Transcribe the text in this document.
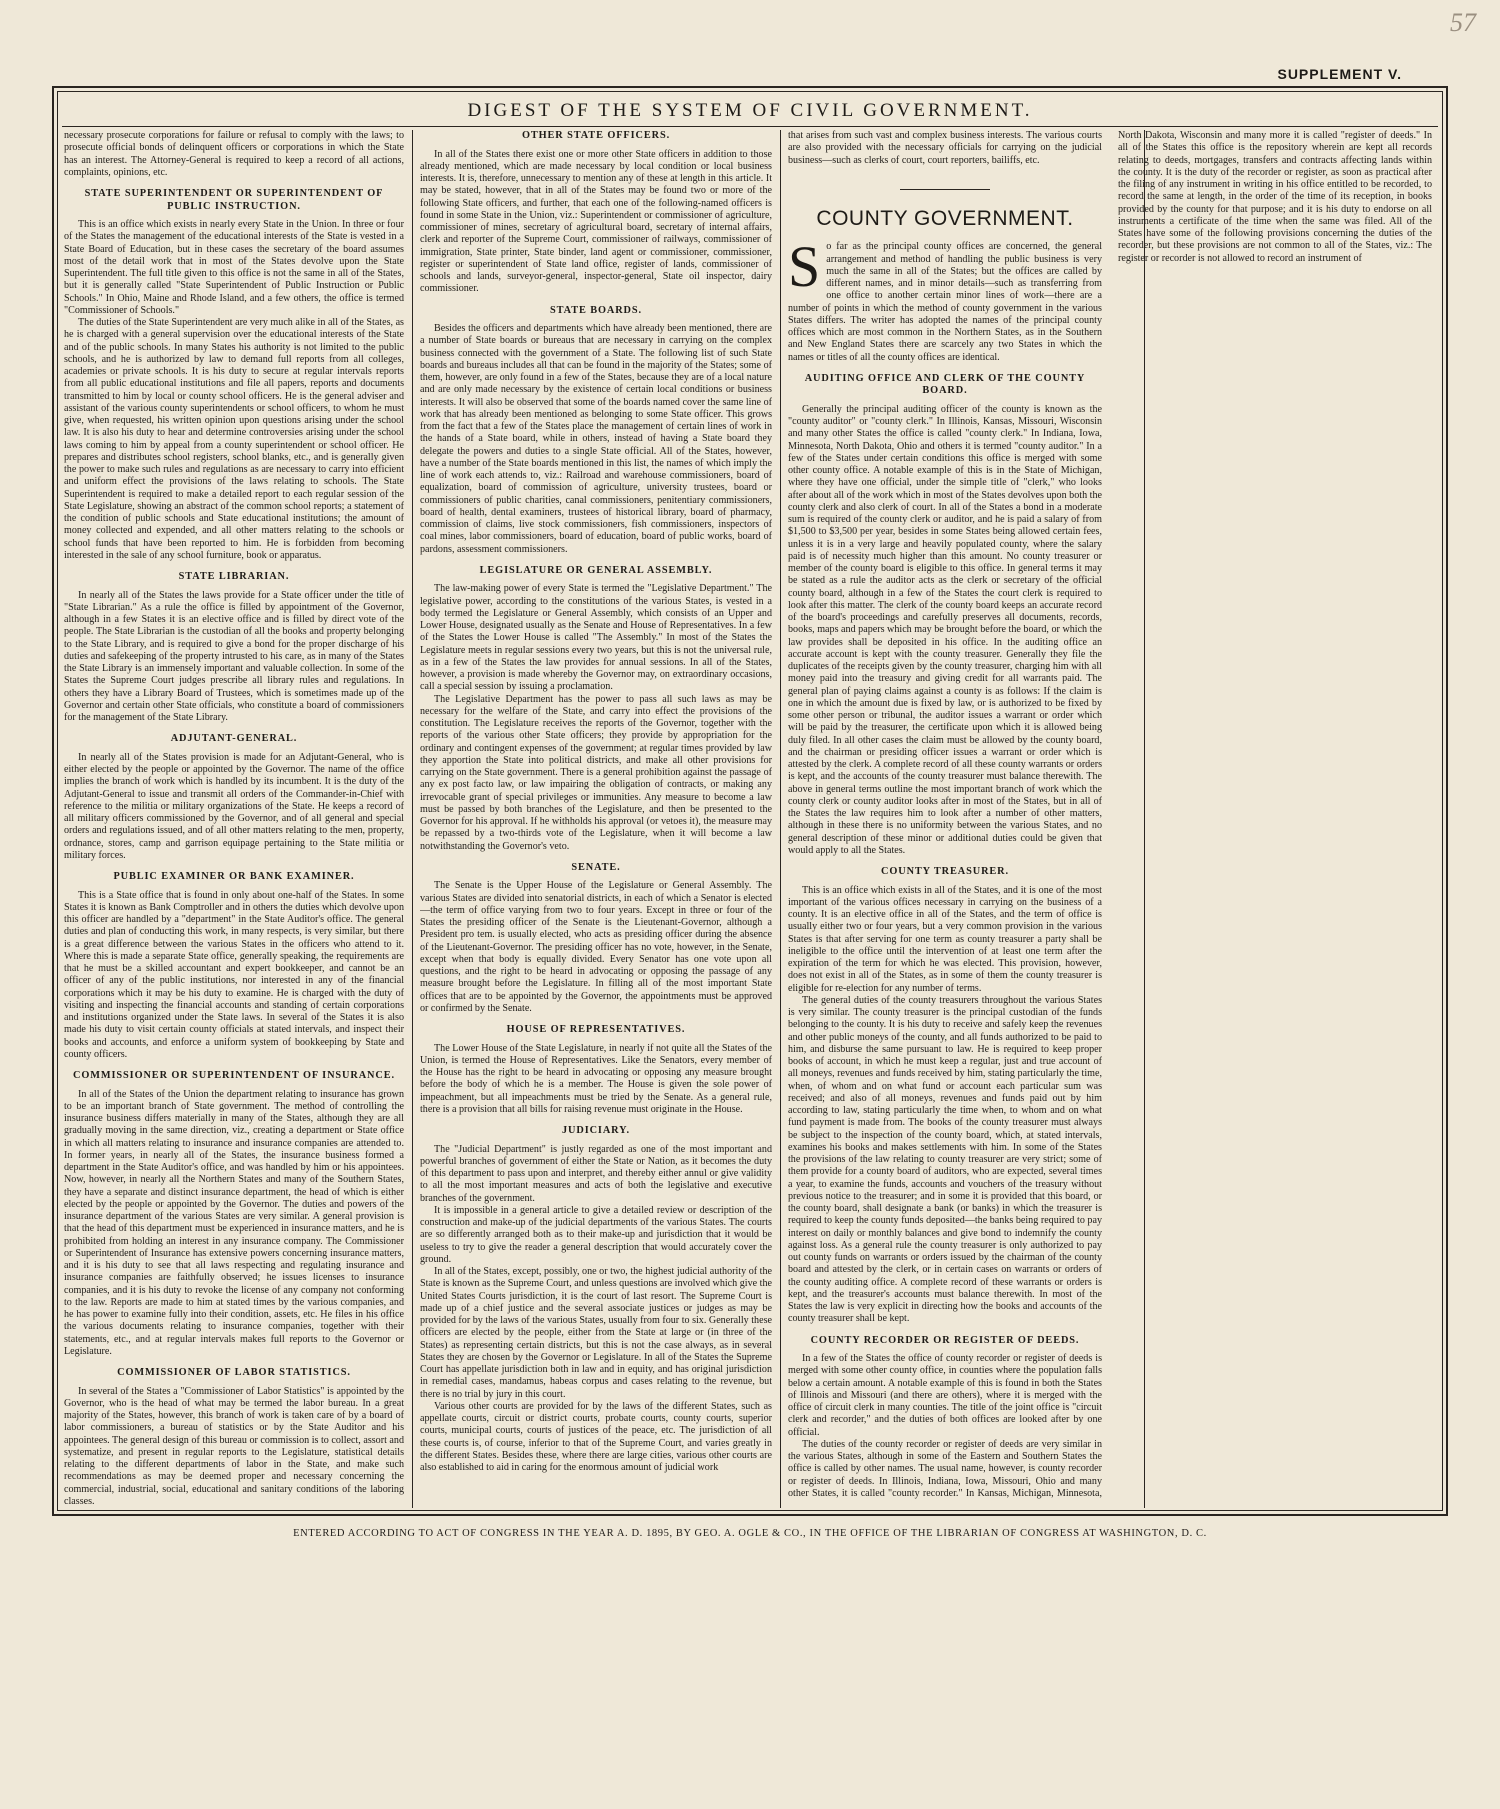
57
SUPPLEMENT V.
DIGEST OF THE SYSTEM OF CIVIL GOVERNMENT.

necessary prosecute corporations for failure or refusal to comply with the laws; to prosecute official bonds of delinquent officers or corporations in which the State has an interest. The Attorney-General is required to keep a record of all actions, complaints, opinions, etc.

STATE SUPERINTENDENT OR SUPERINTENDENT OF PUBLIC INSTRUCTION.

This is an office which exists in nearly every State in the Union. In three or four of the States the management of the educational interests of the State is vested in a State Board of Education, but in these cases the secretary of the board assumes most of the detail work that in most of the States devolve upon the State Superintendent. The full title given to this office is not the same in all of the States, but it is generally called "State Superintendent of Public Instruction or Public Schools." In Ohio, Maine and Rhode Island, and a few others, the office is termed "Commissioner of Schools."

The duties of the State Superintendent are very much alike in all of the States, as he is charged with a general supervision over the educational interests of the State and of the public schools. In many States his authority is not limited to the public schools, and he is authorized by law to demand full reports from all colleges, academies or private schools. It is his duty to secure at regular intervals reports from all public educational institutions and file all papers, reports and documents transmitted to him by local or county school officers. He is the general adviser and assistant of the various county superintendents or school officers, to whom he must give, when requested, his written opinion upon questions arising under the school law. It is also his duty to hear and determine controversies arising under the school laws coming to him by appeal from a county superintendent or school officer. He prepares and distributes school registers, school blanks, etc., and is generally given the power to make such rules and regulations as are necessary to carry into efficient and uniform effect the provisions of the laws relating to schools. The State Superintendent is required to make a detailed report to each regular session of the State Legislature, showing an abstract of the common school reports; a statement of the condition of public schools and State educational institutions; the amount of money collected and expended, and all other matters relating to the schools or school funds that have been reported to him. He is forbidden from becoming interested in the sale of any school furniture, book or apparatus.

STATE LIBRARIAN.

In nearly all of the States the laws provide for a State officer under the title of "State Librarian." As a rule the office is filled by appointment of the Governor, although in a few States it is an elective office and is filled by direct vote of the people. The State Librarian is the custodian of all the books and property belonging to the State Library, and is required to give a bond for the proper discharge of his duties and safekeeping of the property intrusted to his care, as in many of the States the State Library is an immensely important and valuable collection. In some of the States the Supreme Court judges prescribe all library rules and regulations. In others they have a Library Board of Trustees, which is sometimes made up of the Governor and certain other State officials, who constitute a board of commissioners for the management of the State Library.

ADJUTANT-GENERAL.

In nearly all of the States provision is made for an Adjutant-General, who is either elected by the people or appointed by the Governor. The name of the office implies the branch of work which is handled by its incumbent. It is the duty of the Adjutant-General to issue and transmit all orders of the Commander-in-Chief with reference to the militia or military organizations of the State. He keeps a record of all military officers commissioned by the Governor, and of all general and special orders and regulations issued, and of all other matters relating to the men, property, ordnance, stores, camp and garrison equipage pertaining to the State militia or military forces.

PUBLIC EXAMINER OR BANK EXAMINER.

This is a State office that is found in only about one-half of the States. In some States it is known as Bank Comptroller and in others the duties which devolve upon this officer are handled by a "department" in the State Auditor's office. The general duties and plan of conducting this work, in many respects, is very similar, but there is a great difference between the various States in the officers who attend to it. Where this is made a separate State office, generally speaking, the requirements are that he must be a skilled accountant and expert bookkeeper, and cannot be an officer of any of the public institutions, nor interested in any of the financial corporations which it may be his duty to examine. He is charged with the duty of visiting and inspecting the financial accounts and standing of certain corporations and institutions organized under the State laws. In several of the States it is also made his duty to visit certain county officials at stated intervals, and inspect their books and accounts, and enforce a uniform system of bookkeeping by State and county officers.

COMMISSIONER OR SUPERINTENDENT OF INSURANCE.

In all of the States of the Union the department relating to insurance has grown to be an important branch of State government. The method of controlling the insurance business differs materially in many of the States, although they are all gradually moving in the same direction, viz., creating a department or State office in which all matters relating to insurance and insurance companies are attended to. In former years, in nearly all of the States, the insurance business formed a department in the State Auditor's office, and was handled by him or his appointees. Now, however, in nearly all the Northern States and many of the Southern States, they have a separate and distinct insurance department, the head of which is either elected by the people or appointed by the Governor. The duties and powers of the insurance department of the various States are very similar. A general provision is that the head of this department must be experienced in insurance matters, and he is prohibited from holding an interest in any insurance company. The Commissioner or Superintendent of Insurance has extensive powers concerning insurance matters, and it is his duty to see that all laws respecting and regulating insurance and insurance companies are faithfully observed; he issues licenses to insurance companies, and it is his duty to revoke the license of any company not conforming to the law. Reports are made to him at stated times by the various companies, and he has power to examine fully into their condition, assets, etc. He files in his office the various documents relating to insurance companies, together with their statements, etc., and at regular intervals makes full reports to the Governor or Legislature.

COMMISSIONER OF LABOR STATISTICS.

In several of the States a "Commissioner of Labor Statistics" is appointed by the Governor, who is the head of what may be termed the labor bureau. In a great majority of the States, however, this branch of work is taken care of by a board of labor commissioners, a bureau of statistics or by the State Auditor and his appointees. The general design of this bureau or commission is to collect, assort and systematize, and present in regular reports to the Legislature, statistical details relating to the different departments of labor in the State, and make such recommendations as may be deemed proper and necessary concerning the commercial, industrial, social, educational and sanitary conditions of the laboring classes.

OTHER STATE OFFICERS.

In all of the States there exist one or more other State officers in addition to those already mentioned, which are made necessary by local condition or local business interests. It is, therefore, unnecessary to mention any of these at length in this article. It may be stated, however, that in all of the States may be found two or more of the following State officers, and further, that each one of the following-named officers is found in some State in the Union, viz.: Superintendent or commissioner of agriculture, commissioner of mines, secretary of agricultural board, secretary of internal affairs, clerk and reporter of the Supreme Court, commissioner of railways, commissioner of immigration, State printer, State binder, land agent or commissioner, commissioner, register or superintendent of State land office, register of lands, commissioner of schools and lands, surveyor-general, inspector-general, State oil inspector, dairy commissioner.

STATE BOARDS.

Besides the officers and departments which have already been mentioned, there are a number of State boards or bureaus that are necessary in carrying on the complex business connected with the government of a State. The following list of such State boards and bureaus includes all that can be found in the majority of the States; some of them, however, are only found in a few of the States, because they are of a local nature and are only made necessary by the existence of certain local conditions or business interests. It will also be observed that some of the boards named cover the same line of work that has already been mentioned as belonging to some State officer. This grows from the fact that a few of the States place the management of certain lines of work in the hands of a State board, while in others, instead of having a State board they delegate the powers and duties to a single State official. All of the States, however, have a number of the State boards mentioned in this list, the names of which imply the line of work each attends to, viz.: Railroad and warehouse commissioners, board of equalization, board of commission of agriculture, university trustees, board or commissioners of public charities, canal commissioners, penitentiary commissioners, board of health, dental examiners, trustees of historical library, board of pharmacy, commission of claims, live stock commissioners, fish commissioners, inspectors of coal mines, labor commissioners, board of education, board of public works, board of pardons, assessment commissioners.

LEGISLATURE OR GENERAL ASSEMBLY.

The law-making power of every State is termed the "Legislative Department." The legislative power, according to the constitutions of the various States, is vested in a body termed the Legislature or General Assembly, which consists of an Upper and Lower House, designated usually as the Senate and House of Representatives. In a few of the States the Lower House is called "The Assembly." In most of the States the Legislature meets in regular sessions every two years, but this is not the universal rule, as in a few of the States the law provides for annual sessions. In all of the States, however, a provision is made whereby the Governor may, on extraordinary occasions, call a special session by issuing a proclamation.

The Legislative Department has the power to pass all such laws as may be necessary for the welfare of the State, and carry into effect the provisions of the constitution. The Legislature receives the reports of the Governor, together with the reports of the various other State officers; they provide by appropriation for the ordinary and contingent expenses of the government; at regular times provided by law they apportion the State into political districts, and make all other provisions for carrying on the State government. There is a general prohibition against the passage of any ex post facto law, or law impairing the obligation of contracts, or making any irrevocable grant of special privileges or immunities. Any measure to become a law must be passed by both branches of the Legislature, and then be presented to the Governor for his approval. If he withholds his approval (or vetoes it), the measure may be repassed by a two-thirds vote of the Legislature, when it will become a law notwithstanding the Governor's veto.

SENATE.

The Senate is the Upper House of the Legislature or General Assembly. The various States are divided into senatorial districts, in each of which a Senator is elected—the term of office varying from two to four years. Except in three or four of the States the presiding officer of the Senate is the Lieutenant-Governor, although a President pro tem. is usually elected, who acts as presiding officer during the absence of the Lieutenant-Governor. The presiding officer has no vote, however, in the Senate, except when that body is equally divided. Every Senator has one vote upon all questions, and the right to be heard in advocating or opposing the passage of any measure brought before the Legislature. In filling all of the most important State offices that are to be appointed by the Governor, the appointments must be approved or confirmed by the Senate.

HOUSE OF REPRESENTATIVES.

The Lower House of the State Legislature, in nearly if not quite all the States of the Union, is termed the House of Representatives. Like the Senators, every member of the House has the right to be heard in advocating or opposing any measure brought before the body of which he is a member. The House is given the sole power of impeachment, but all impeachments must be tried by the Senate. As a general rule, there is a provision that all bills for raising revenue must originate in the House.

JUDICIARY.

The "Judicial Department" is justly regarded as one of the most important and powerful branches of government of either the State or Nation, as it becomes the duty of this department to pass upon and interpret, and thereby either annul or give validity to all the most important measures and acts of both the legislative and executive branches of the government.

It is impossible in a general article to give a detailed review or description of the construction and make-up of the judicial departments of the various States. The courts are so differently arranged both as to their make-up and jurisdiction that it would be useless to try to give the reader a general description that would accurately cover the ground.

In all of the States, except, possibly, one or two, the highest judicial authority of the State is known as the Supreme Court, and unless questions are involved which give the United States Courts jurisdiction, it is the court of last resort. The Supreme Court is made up of a chief justice and the several associate justices or judges as may be provided for by the laws of the various States, usually from four to six. Generally these officers are elected by the people, either from the State at large or (in three of the States) as representing certain districts, but this is not the case always, as in several States they are chosen by the Governor or Legislature. In all of the States the Supreme Court has appellate jurisdiction both in law and in equity, and has original jurisdiction in remedial cases, mandamus, habeas corpus and cases relating to the revenue, but there is no trial by jury in this court.

Various other courts are provided for by the laws of the different States, such as appellate courts, circuit or district courts, probate courts, county courts, superior courts, municipal courts, courts of justices of the peace, etc. The jurisdiction of all these courts is, of course, inferior to that of the Supreme Court, and varies greatly in the different States. Besides these, where there are large cities, various other courts are also established to aid in caring for the enormous amount of judicial work

that arises from such vast and complex business interests. The various courts are also provided with the necessary officials for carrying on the judicial business—such as clerks of court, court reporters, bailiffs, etc.

COUNTY GOVERNMENT.

So far as the principal county offices are concerned, the general arrangement and method of handling the public business is very much the same in all of the States; but the offices are called by different names, and in minor details—such as transferring from one office to another certain minor lines of work—there are a number of points in which the method of county government in the various States differs. The writer has adopted the names of the principal county offices which are most common in the Northern States, as in the Southern and New England States there are scarcely any two States in which the names or titles of all the county offices are identical.

AUDITING OFFICE AND CLERK OF THE COUNTY BOARD.

Generally the principal auditing officer of the county is known as the "county auditor" or "county clerk." In Illinois, Kansas, Missouri, Wisconsin and many other States the office is called "county clerk." In Indiana, Iowa, Minnesota, North Dakota, Ohio and others it is termed "county auditor." In a few of the States under certain conditions this office is merged with some other county office. A notable example of this is in the State of Michigan, where they have one official, under the simple title of "clerk," who looks after about all of the work which in most of the States devolves upon both the county clerk and also clerk of court. In all of the States a bond in a moderate sum is required of the county clerk or auditor, and he is paid a salary of from $1,500 to $3,500 per year, besides in some States being allowed certain fees, unless it is in a very large and heavily populated county, where the salary paid is of necessity much higher than this amount. No county treasurer or member of the county board is eligible to this office. In general terms it may be stated as a rule the auditor acts as the clerk or secretary of the official county board, although in a few of the States the court clerk is required to look after this matter. The clerk of the county board keeps an accurate record of the board's proceedings and carefully preserves all documents, records, books, maps and papers which may be brought before the board, or which the law provides shall be deposited in his office. In the auditing office an accurate account is kept with the county treasurer. Generally they file the duplicates of the receipts given by the county treasurer, charging him with all money paid into the treasury and giving credit for all warrants paid. The general plan of paying claims against a county is as follows: If the claim is one in which the amount due is fixed by law, or is authorized to be fixed by some other person or tribunal, the auditor issues a warrant or order which will be paid by the treasurer, the certificate upon which it is allowed being duly filed. In all other cases the claim must be allowed by the county board, and the chairman or presiding officer issues a warrant or order which is attested by the clerk. A complete record of all these county warrants or orders is kept, and the accounts of the county treasurer must balance therewith. The above in general terms outline the most important branch of work which the county clerk or county auditor looks after in most of the States, but in all of the States the law requires him to look after a number of other matters, although in these there is no uniformity between the various States, and no general description of these minor or additional duties could be given that would apply to all the States.

COUNTY TREASURER.

This is an office which exists in all of the States, and it is one of the most important of the various offices necessary in carrying on the business of a county. It is an elective office in all of the States, and the term of office is usually either two or four years, but a very common provision in the various States is that after serving for one term as county treasurer a party shall be ineligible to the office until the intervention of at least one term after the expiration of the term for which he was elected. This provision, however, does not exist in all of the States, as in some of them the county treasurer is eligible for re-election for any number of terms.

The general duties of the county treasurers throughout the various States is very similar. The county treasurer is the principal custodian of the funds belonging to the county. It is his duty to receive and safely keep the revenues and other public moneys of the county, and all funds authorized to be paid to him, and disburse the same pursuant to law. He is required to keep proper books of account, in which he must keep a regular, just and true account of all moneys, revenues and funds received by him, stating particularly the time, when, of whom and on what fund or account each particular sum was received; and also of all moneys, revenues and funds paid out by him according to law, stating particularly the time when, to whom and on what fund payment is made from. The books of the county treasurer must always be subject to the inspection of the county board, which, at stated intervals, examines his books and makes settlements with him. In some of the States the provisions of the law relating to county treasurer are very strict; some of them provide for a county board of auditors, who are expected, several times a year, to examine the funds, accounts and vouchers of the treasury without previous notice to the treasurer; and in some it is provided that this board, or the county board, shall designate a bank (or banks) in which the treasurer is required to keep the county funds deposited—the banks being required to pay interest on daily or monthly balances and give bond to indemnify the county against loss. As a general rule the county treasurer is only authorized to pay out county funds on warrants or orders issued by the chairman of the county board and attested by the clerk, or in certain cases on warrants or orders of the county auditing office. A complete record of these warrants or orders is kept, and the treasurer's accounts must balance therewith. In most of the States the law is very explicit in directing how the books and accounts of the county treasurer shall be kept.

COUNTY RECORDER OR REGISTER OF DEEDS.

In a few of the States the office of county recorder or register of deeds is merged with some other county office, in counties where the population falls below a certain amount. A notable example of this is found in both the States of Illinois and Missouri (and there are others), where it is merged with the office of circuit clerk in many counties. The title of the joint office is "circuit clerk and recorder," and the duties of both offices are looked after by one official.

The duties of the county recorder or register of deeds are very similar in the various States, although in some of the Eastern and Southern States the office is called by other names. The usual name, however, is county recorder or register of deeds. In Illinois, Indiana, Iowa, Missouri, Ohio and many other States, it is called "county recorder." In Kansas, Michigan, Minnesota, North Dakota, Wisconsin and many more it is called "register of deeds." In all of the States this office is the repository wherein are kept all records relating to deeds, mortgages, transfers and contracts affecting lands within the county. It is the duty of the recorder or register, as soon as practical after the filing of any instrument in writing in his office entitled to be recorded, to record the same at length, in the order of the time of its reception, in books provided by the county for that purpose; and it is his duty to endorse on all instruments a certificate of the time when the same was filed. All of the States have some of the following provisions concerning the duties of the recorder, but these provisions are not common to all of the States, viz.: The register or recorder is not allowed to record an instrument of

ENTERED ACCORDING TO ACT OF CONGRESS IN THE YEAR A. D. 1895, BY GEO. A. OGLE & CO., IN THE OFFICE OF THE LIBRARIAN OF CONGRESS AT WASHINGTON, D. C.
